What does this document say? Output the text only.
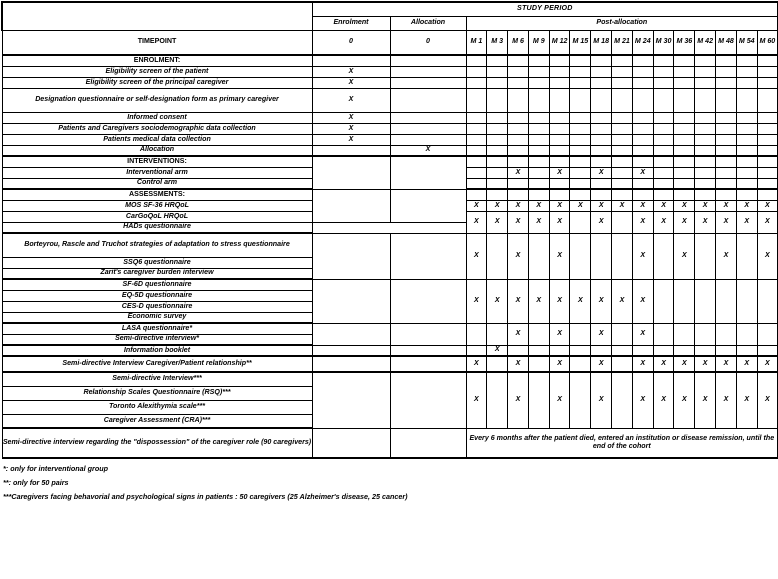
	STUDY PERIOD																
	Enrolment	Allocation	Post-allocation														
TIMEPOINT	0	0	M 1	M 3	M 6	M 9	M 12	M 15	M 18	M 21	M 24	M 30	M 36	M 42	M 48	M 54	M 60
ENROLMENT:																	
Eligibility screen of the patient	X																
Eligibility screen of the principal caregiver	X																
Designation questionnaire or self-designation form as primary caregiver	X																
Informed consent	X																
Patients and Caregivers sociodemographic data collection	X																
Patients medical data collection	X																
Allocation		X															
INTERVENTIONS:																	
Interventional arm					X		X		X		X						
Control arm																	
ASSESSMENTS:																	
MOS SF-36 HRQoL			X	X	X	X	X	X	X	X	X	X	X	X	X	X	X
CarGoQoL HRQoL			X	X	X	X	X		X		X	X	X	X	X	X	X
HADs questionnaire																	
Borteyrou, Rascle and Truchot strategies of adaptation to stress questionnaire			X		X		X				X		X		X		X
SSQ6 questionnaire																	
Zarit's caregiver burden interview																	
SF-6D questionnaire			X	X	X	X	X	X	X	X	X						
EQ-5D questionnaire																	
CES-D questionnaire																	
Economic survey																	
LASA questionnaire*					X		X		X		X						
Semi-directive interview*																	
Information booklet				X													
Semi-directive Interview Caregiver/Patient relationship**			X		X		X		X		X	X	X	X	X	X	X
Semi-directive Interview***			X		X		X		X		X	X	X	X	X	X	X
Relationship Scales Questionnaire (RSQ)***																	
Toronto Alexithymia scale***																	
Caregiver Assessment (CRA)***																	
Semi-directive interview regarding the "dispossession" of the caregiver role (90 caregivers)			Every 6 months after the patient died, entered an institution or disease remission, until the end of the cohort														
*: only for interventional group
**: only for 50 pairs
***Caregivers facing behavorial and psychological signs in patients : 50 caregivers (25 Alzheimer's disease, 25 cancer)
